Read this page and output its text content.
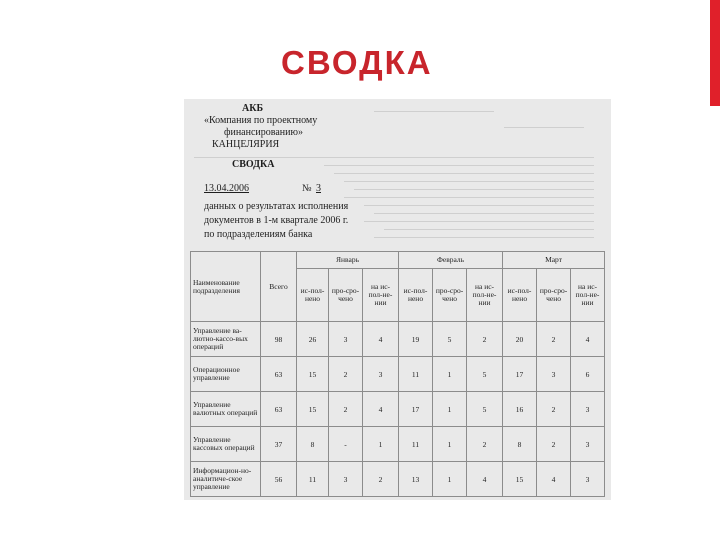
СВОДКА
АКБ
«Компания по проектному
финансированию»
КАНЦЕЛЯРИЯ
СВОДКА
13.04.2006	№ 3
данных о результатах исполнения
документов в 1-м квартале 2006 г.
по подразделениям банка
Наименование подразделения	Всего	Январь			Февраль			Март		
		ис-пол-нено	про-сро-чено	на ис-пол-не-нии	ис-пол-нено	про-сро-чено	на ис-пол-не-нии	ис-пол-нено	про-сро-чено	на ис-пол-не-нии
Управление ва-лютно-кассо-вых операций	98	26	3	4	19	5	2	20	2	4
Операционное управление	63	15	2	3	11	1	5	17	3	6
Управление валютных операций	63	15	2	4	17	1	5	16	2	3
Управление кассовых операций	37	8	-	1	11	1	2	8	2	3
Информацион-но-аналитиче-ское управление	56	11	3	2	13	1	4	15	4	3
